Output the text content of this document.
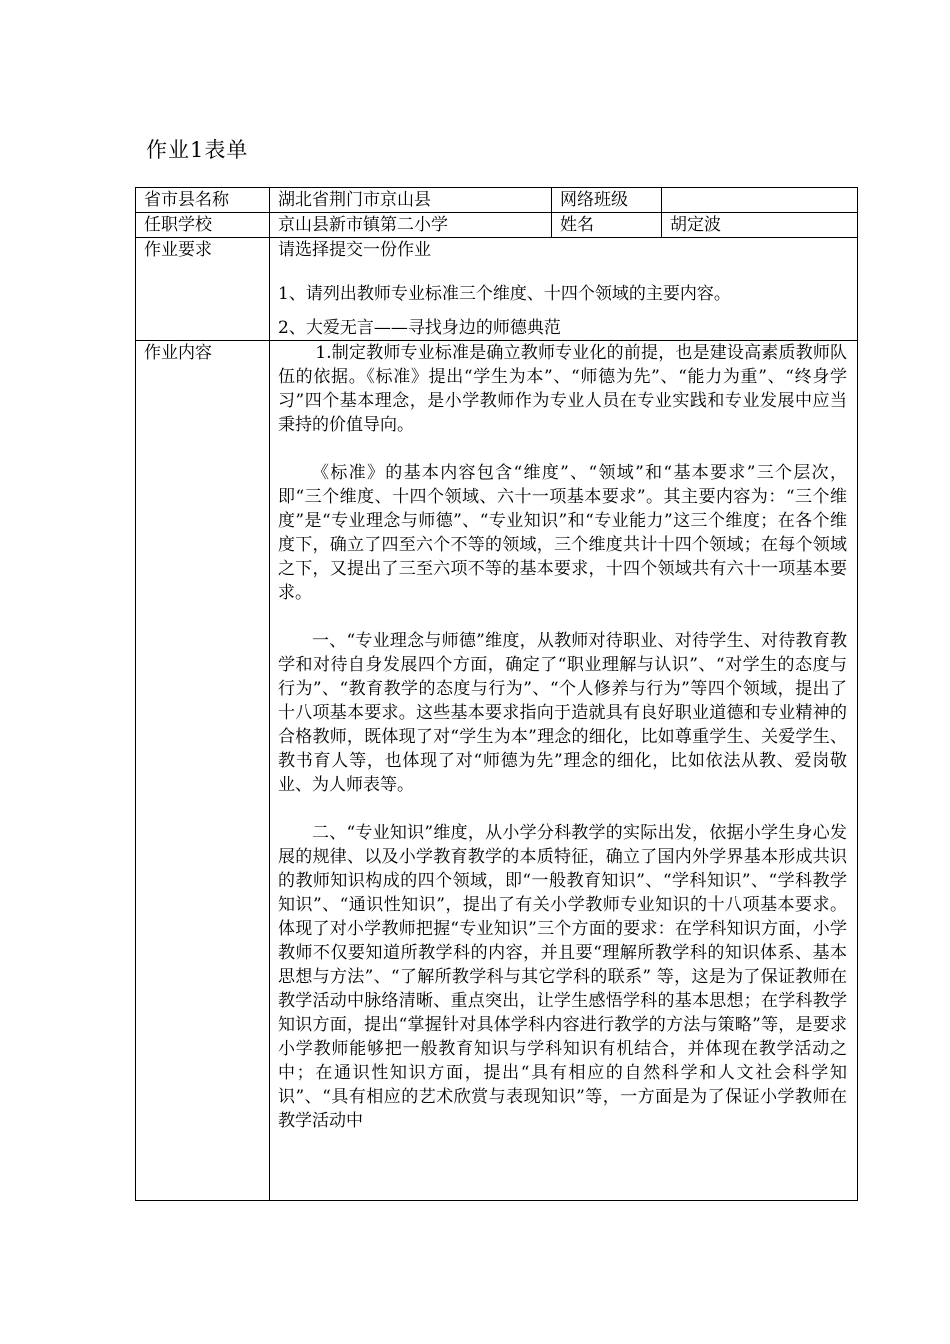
作业1表单
省市县名称	湖北省荆门市京山县	网络班级	
任职学校	京山县新市镇第二小学	姓名	胡定波
作业要求	请选择提交一份作业
1、请列出教师专业标准三个维度、十四个领域的主要内容。
2、大爱无言——寻找身边的师德典范		

作业内容	1.制定教师专业标准是确立教师专业化的前提，也是建设高素质教师队伍的依据。《标准》提出“学生为本”、“师德为先”、“能力为重”、“终身学习”四个基本理念，是小学教师作为专业人员在专业实践和专业发展中应当秉持的价值导向。

《标准》的基本内容包含“维度”、“领域”和“基本要求”三个层次，即“三个维度、十四个领域、六十一项基本要求”。其主要内容为：“三个维度”是“专业理念与师德”、“专业知识”和“专业能力”这三个维度；在各个维度下，确立了四至六个不等的领域，三个维度共计十四个领域；在每个领域之下，又提出了三至六项不等的基本要求，十四个领域共有六十一项基本要求。

一、“专业理念与师德”维度，从教师对待职业、对待学生、对待教育教学和对待自身发展四个方面，确定了“职业理解与认识”、“对学生的态度与行为”、“教育教学的态度与行为”、“个人修养与行为”等四个领域，提出了十八项基本要求。这些基本要求指向于造就具有良好职业道德和专业精神的合格教师，既体现了对“学生为本”理念的细化，比如尊重学生、关爱学生、教书育人等，也体现了对“师德为先”理念的细化，比如依法从教、爱岗敬业、为人师表等。

二、“专业知识”维度，从小学分科教学的实际出发，依据小学生身心发展的规律、以及小学教育教学的本质特征，确立了国内外学界基本形成共识的教师知识构成的四个领域，即“一般教育知识”、“学科知识”、“学科教学知识”、“通识性知识”，提出了有关小学教师专业知识的十八项基本要求。体现了对小学教师把握“专业知识”三个方面的要求：在学科知识方面，小学教师不仅要知道所教学科的内容，并且要“理解所教学科的知识体系、基本思想与方法”、“了解所教学科与其它学科的联系” 等，这是为了保证教师在教学活动中脉络清晰、重点突出，让学生感悟学科的基本思想；在学科教学知识方面，提出“掌握针对具体学科内容进行教学的方法与策略”等，是要求小学教师能够把一般教育知识与学科知识有机结合，并体现在教学活动之中；在通识性知识方面，提出“具有相应的自然科学和人文社会科学知识”、“具有相应的艺术欣赏与表现知识”等，一方面是为了保证小学教师在教学活动中		
